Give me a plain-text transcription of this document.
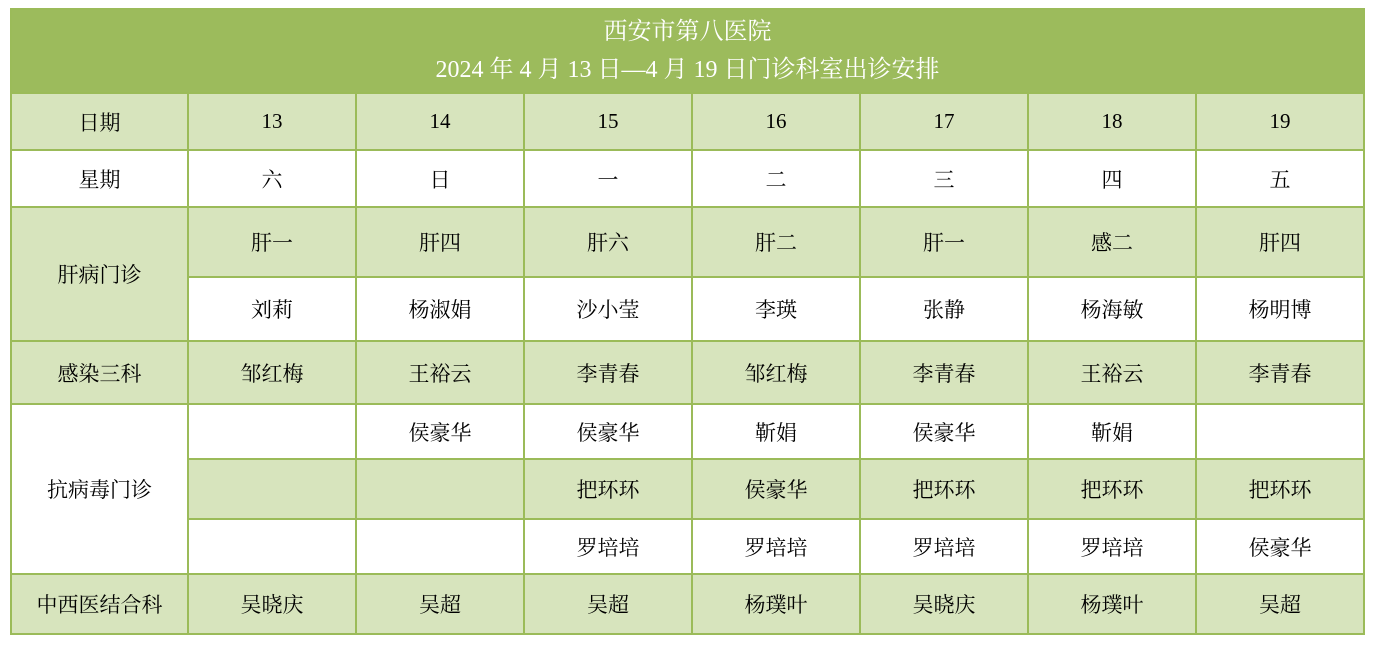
西安市第八医院
2024 年 4 月 13 日—4 月 19 日门诊科室出诊安排							

日期	13	14	15	16	17	18	19
星期	六	日	一	二	三	四	五
肝病门诊	肝一	肝四	肝六	肝二	肝一	感二	肝四
	刘莉	杨淑娟	沙小莹	李瑛	张静	杨海敏	杨明博
感染三科	邹红梅	王裕云	李青春	邹红梅	李青春	王裕云	李青春
抗病毒门诊		侯豪华	侯豪华	靳娟	侯豪华	靳娟	
			把环环	侯豪华	把环环	把环环	把环环
			罗培培	罗培培	罗培培	罗培培	侯豪华
中西医结合科	吴晓庆	吴超	吴超	杨璞叶	吴晓庆	杨璞叶	吴超
